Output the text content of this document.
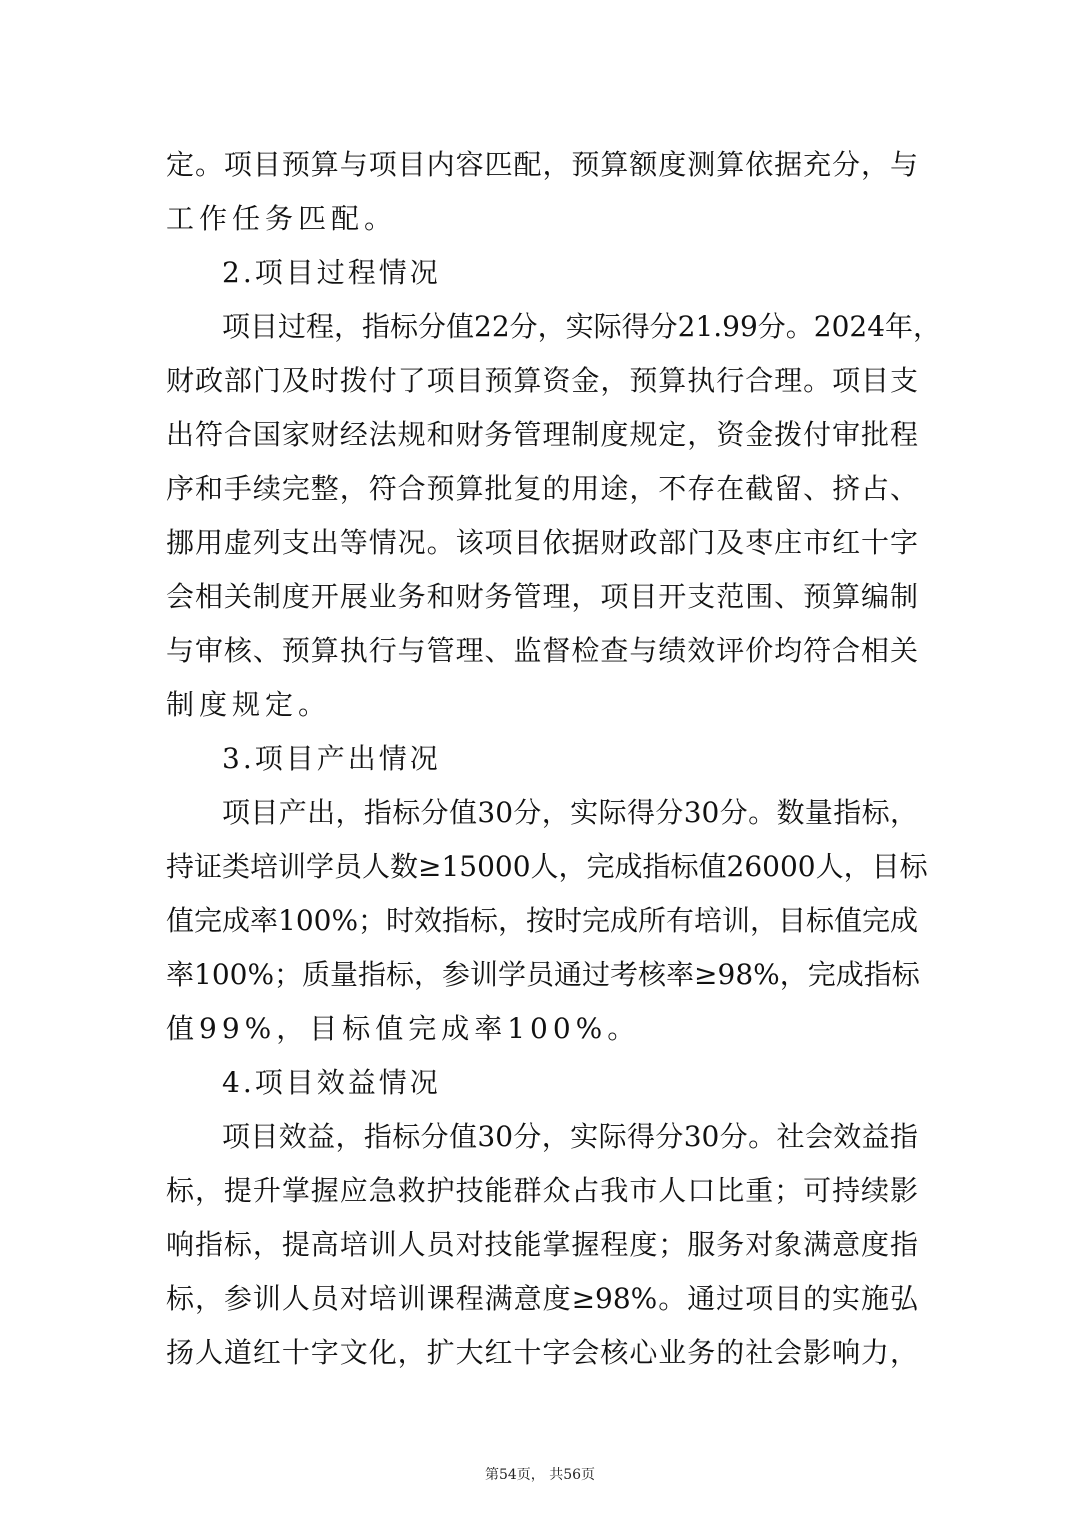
定。项目预算与项目内容匹配，预算额度测算依据充分，与
工作任务匹配。
2.项目过程情况
项目过程，指标分值22分，实际得分21.99分。2024年，
财政部门及时拨付了项目预算资金，预算执行合理。项目支
出符合国家财经法规和财务管理制度规定，资金拨付审批程
序和手续完整，符合预算批复的用途，不存在截留、挤占、
挪用虚列支出等情况。该项目依据财政部门及枣庄市红十字
会相关制度开展业务和财务管理，项目开支范围、预算编制
与审核、预算执行与管理、监督检查与绩效评价均符合相关
制度规定。
3.项目产出情况
项目产出，指标分值30分，实际得分30分。数量指标，
持证类培训学员人数≥15000人，完成指标值26000人，目标
值完成率100%；时效指标，按时完成所有培训，目标值完成
率100%；质量指标，参训学员通过考核率≥98%，完成指标
值99%，目标值完成率100%。
4.项目效益情况
项目效益，指标分值30分，实际得分30分。社会效益指
标，提升掌握应急救护技能群众占我市人口比重；可持续影
响指标，提高培训人员对技能掌握程度；服务对象满意度指
标，参训人员对培训课程满意度≥98%。通过项目的实施弘
扬人道红十字文化，扩大红十字会核心业务的社会影响力，
第54页， 共56页
